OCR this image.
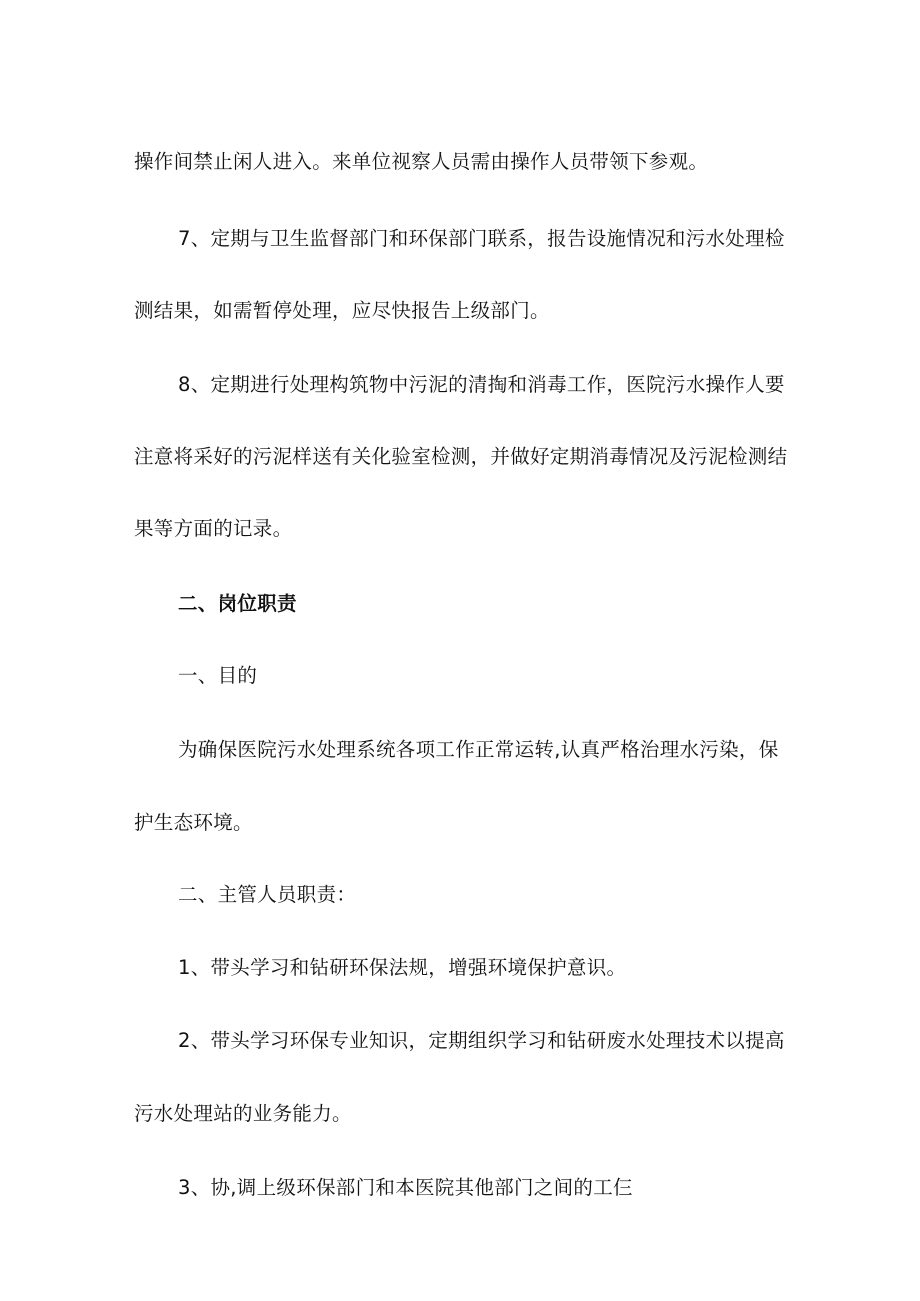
操作间禁止闲人进入。来单位视察人员需由操作人员带领下参观。
7、定期与卫生监督部门和环保部门联系，报告设施情况和污水处理检
测结果，如需暂停处理，应尽快报告上级部门。
8、定期进行处理构筑物中污泥的清掏和消毒工作，医院污水操作人要
注意将采好的污泥样送有关化验室检测，并做好定期消毒情况及污泥检测结
果等方面的记录。
二、岗位职责
一、目的
为确保医院污水处理系统各项工作正常运转,认真严格治理水污染，保
护生态环境。
二、主管人员职责：
1、带头学习和钻研环保法规，增强环境保护意识。
2、带头学习环保专业知识，定期组织学习和钻研废水处理技术以提高
污水处理站的业务能力。
3、协,调上级环保部门和本医院其他部门之间的工仨
